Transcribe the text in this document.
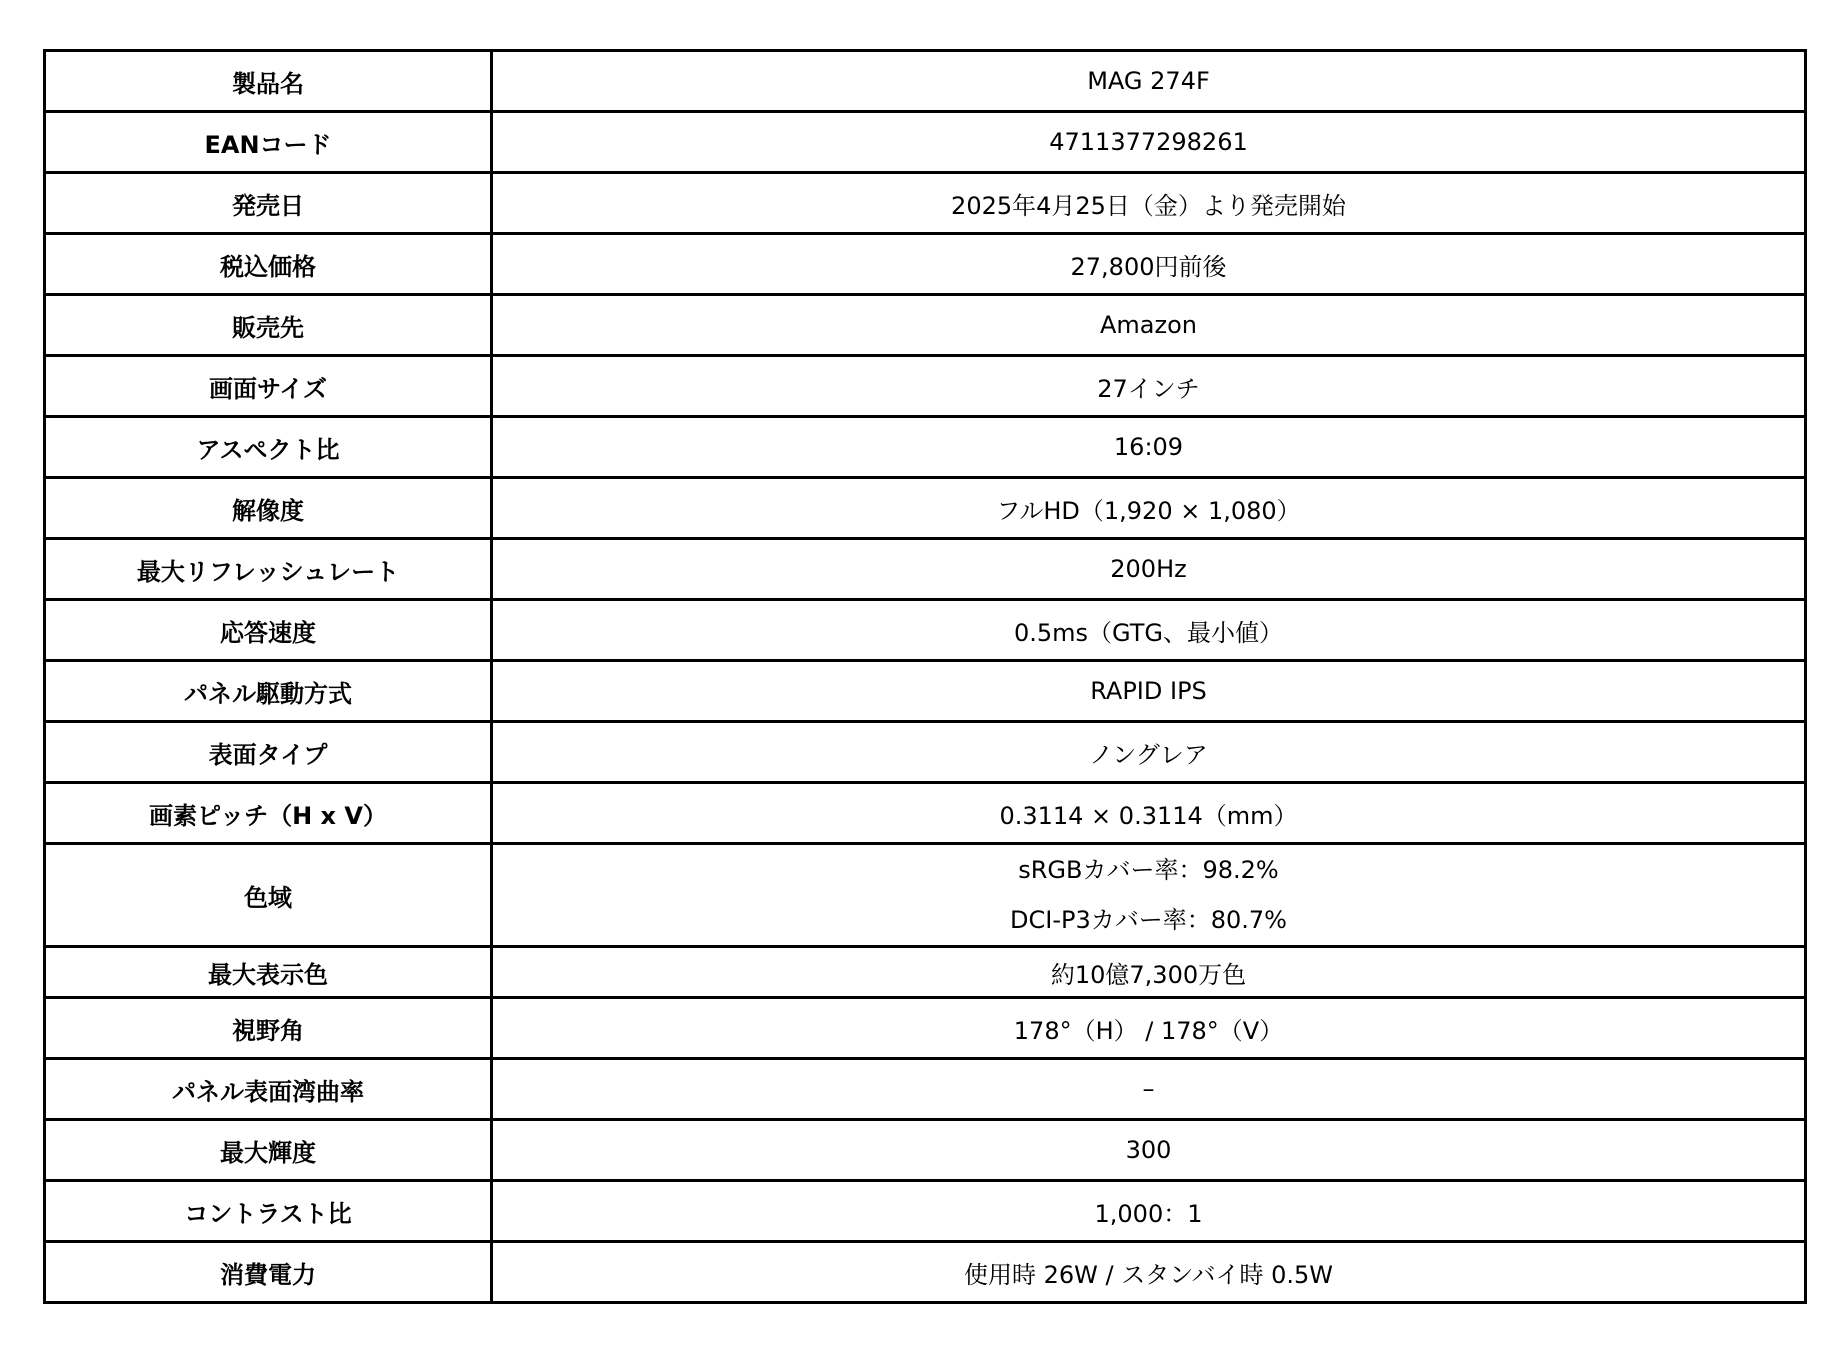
製品名	MAG 274F
EANコード	4711377298261
発売日	2025年4月25日（金）より発売開始
税込価格	27,800円前後
販売先	Amazon
画面サイズ	27インチ
アスペクト比	16:09
解像度	フルHD（1,920 × 1,080）
最大リフレッシュレート	200Hz
応答速度	0.5ms（GTG、最小値）
パネル駆動方式	RAPID IPS
表面タイプ	ノングレア
画素ピッチ（H x V）	0.3114 × 0.3114（mm）
色域	sRGBカバー率：98.2%
DCI-P3カバー率：80.7%

最大表示色	約10億7,300万色
視野角	178°（H） / 178°（V）
パネル表面湾曲率	–
最大輝度	300
コントラスト比	1,000：1
消費電力	使用時 26W / スタンバイ時 0.5W
